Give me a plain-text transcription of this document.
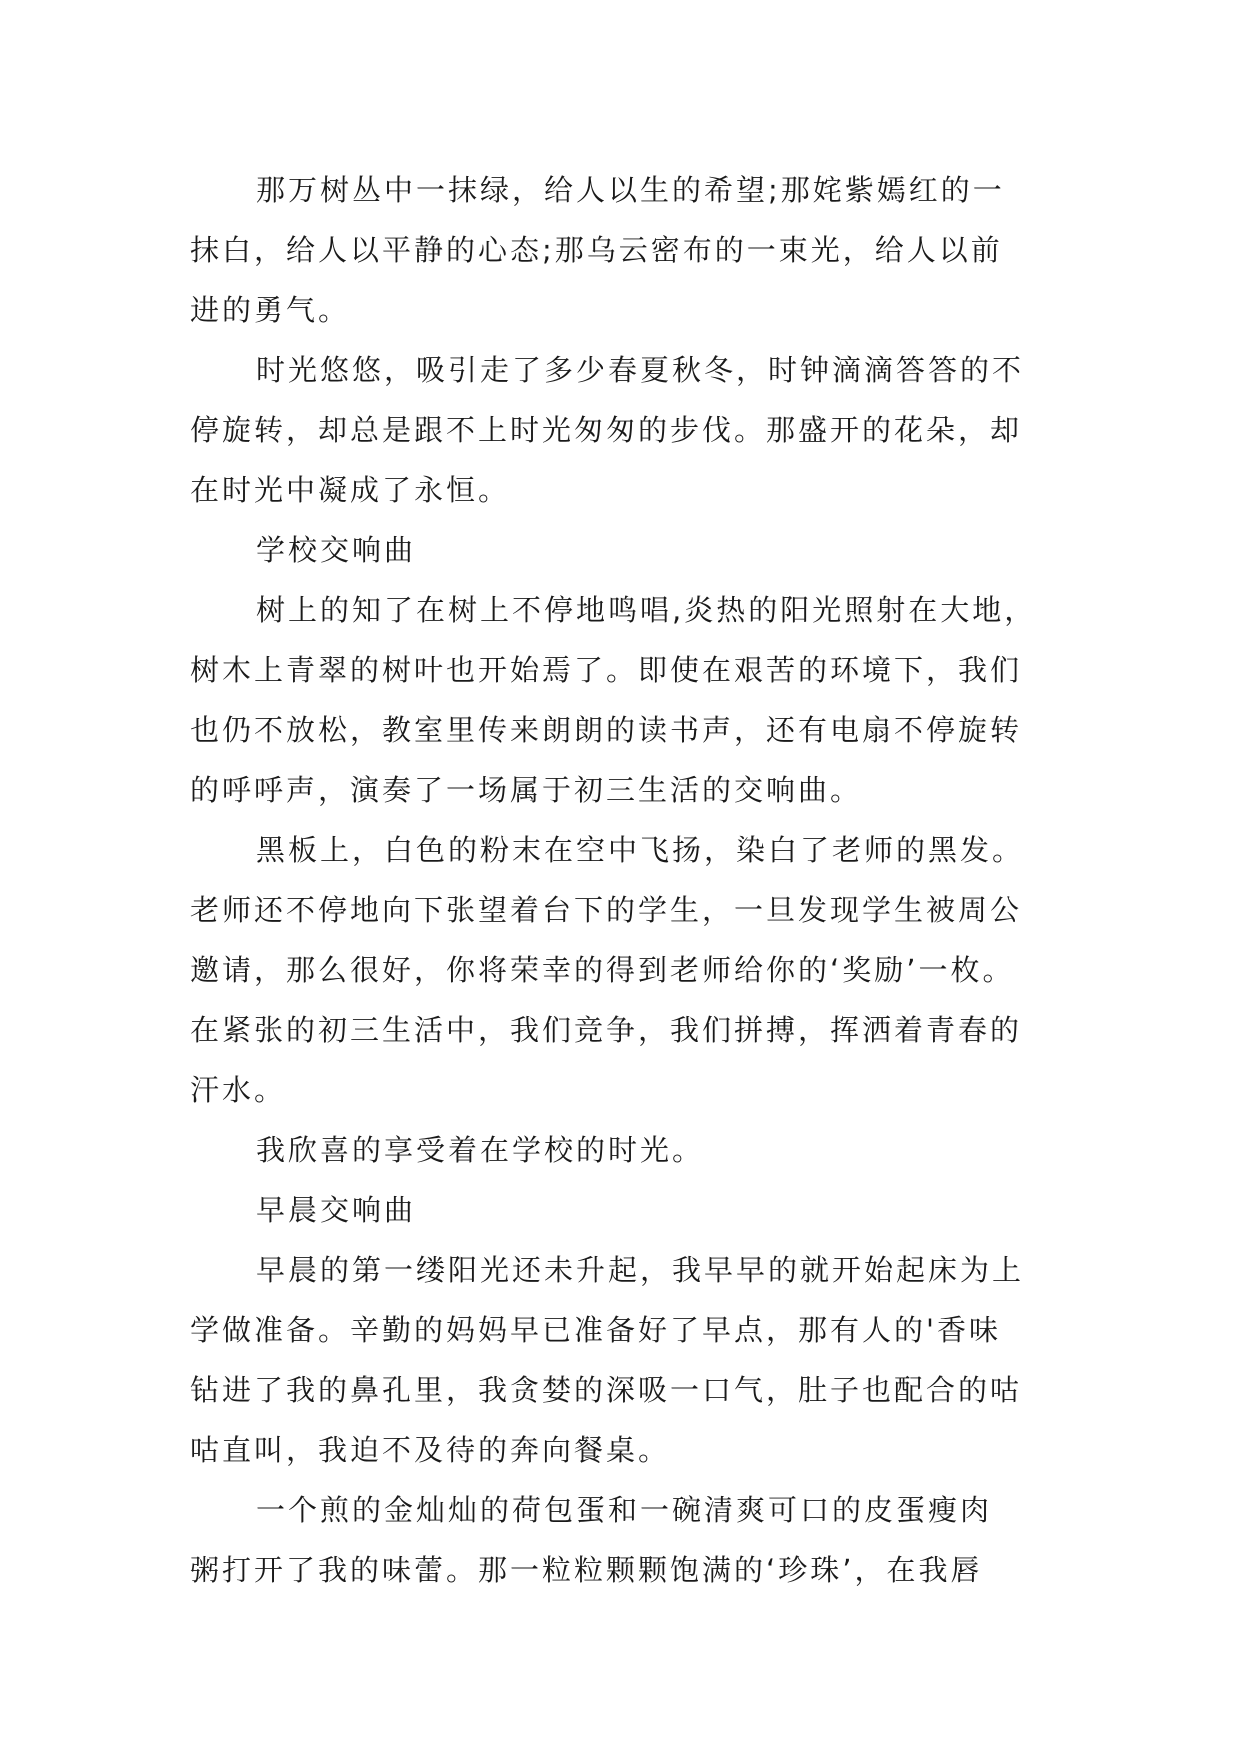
那万树丛中一抹绿，给人以生的希望;那姹紫嫣红的一
抹白，给人以平静的心态;那乌云密布的一束光，给人以前
进的勇气。
时光悠悠，吸引走了多少春夏秋冬，时钟滴滴答答的不
停旋转，却总是跟不上时光匆匆的步伐。那盛开的花朵，却
在时光中凝成了永恒。
学校交响曲
树上的知了在树上不停地鸣唱,炎热的阳光照射在大地，
树木上青翠的树叶也开始焉了。即使在艰苦的环境下，我们
也仍不放松，教室里传来朗朗的读书声，还有电扇不停旋转
的呼呼声，演奏了一场属于初三生活的交响曲。
黑板上，白色的粉末在空中飞扬，染白了老师的黑发。
老师还不停地向下张望着台下的学生，一旦发现学生被周公
邀请，那么很好，你将荣幸的得到老师给你的‘奖励’一枚。
在紧张的初三生活中，我们竞争，我们拼搏，挥洒着青春的
汗水。
我欣喜的享受着在学校的时光。
早晨交响曲
早晨的第一缕阳光还未升起，我早早的就开始起床为上
学做准备。辛勤的妈妈早已准备好了早点，那有人的'香味
钻进了我的鼻孔里，我贪婪的深吸一口气，肚子也配合的咕
咕直叫，我迫不及待的奔向餐桌。
一个煎的金灿灿的荷包蛋和一碗清爽可口的皮蛋瘦肉
粥打开了我的味蕾。那一粒粒颗颗饱满的‘珍珠’，在我唇
